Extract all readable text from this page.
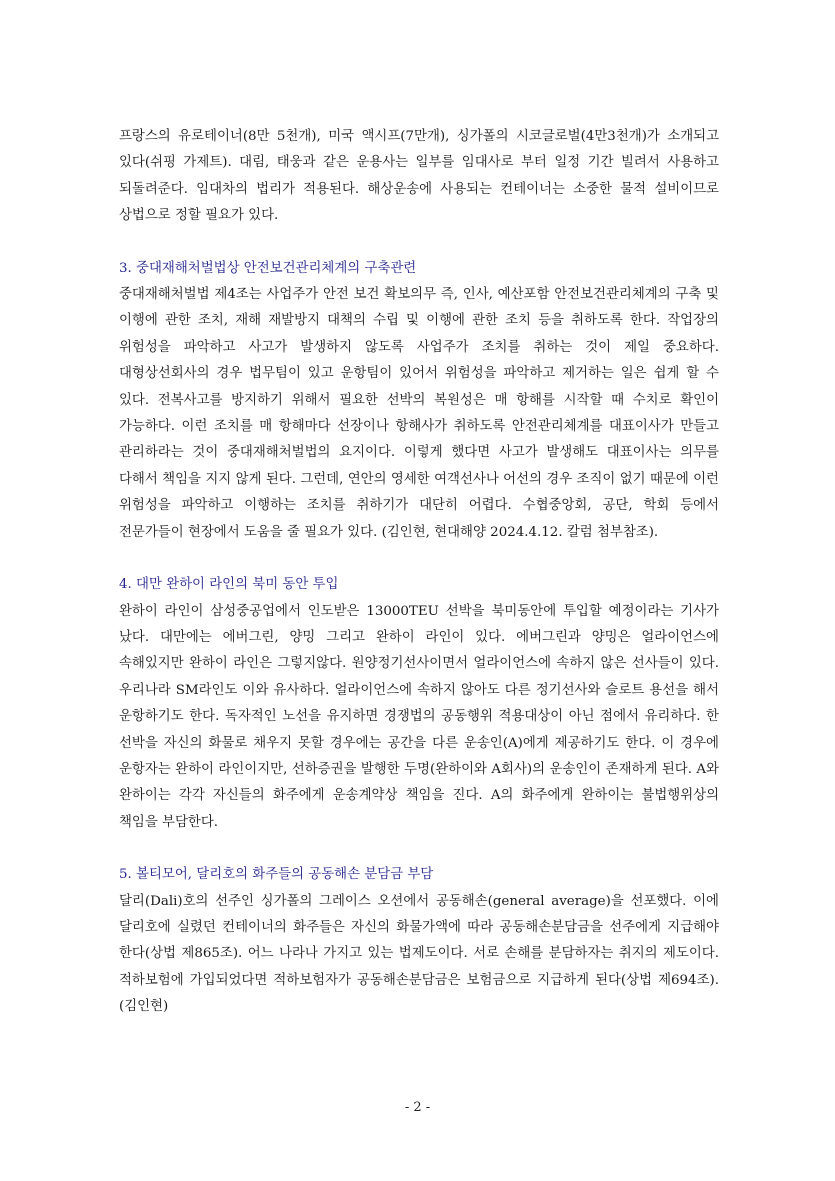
프랑스의 유로테이너(8만 5천개), 미국 액시프(7만개), 싱가폴의 시코글로벌(4만3천개)가 소개되고 있다(쉬핑 가제트). 대림, 태웅과 같은 운용사는 일부를 임대사로 부터 일정 기간 빌려서 사용하고 되돌려준다. 임대차의 법리가 적용된다. 해상운송에 사용되는 컨테이너는 소중한 물적 설비이므로 상법으로 정할 필요가 있다.

3. 중대재해처벌법상 안전보건관리체계의 구축관련

중대재해처벌법 제4조는 사업주가 안전 보건 확보의무 즉, 인사, 예산포함 안전보건관리체계의 구축 및 이행에 관한 조치, 재해 재발방지 대책의 수립 및 이행에 관한 조치 등을 취하도록 한다. 작업장의 위험성을 파악하고 사고가 발생하지 않도록 사업주가 조치를 취하는 것이 제일 중요하다. 대형상선회사의 경우 법무팀이 있고 운항팀이 있어서 위험성을 파악하고 제거하는 일은 쉽게 할 수 있다. 전복사고를 방지하기 위해서 필요한 선박의 복원성은 매 항해를 시작할 때 수치로 확인이 가능하다. 이런 조치를 매 항해마다 선장이나 항해사가 취하도록 안전관리체계를 대표이사가 만들고 관리하라는 것이 중대재해처벌법의 요지이다. 이렇게 했다면 사고가 발생해도 대표이사는 의무를 다해서 책임을 지지 않게 된다. 그런데, 연안의 영세한 여객선사나 어선의 경우 조직이 없기 때문에 이런 위험성을 파악하고 이행하는 조치를 취하기가 대단히 어렵다. 수협중앙회, 공단, 학회 등에서 전문가들이 현장에서 도움을 줄 필요가 있다. (김인현, 현대해양 2024.4.12. 칼럼 첨부참조).

4. 대만 완하이 라인의 북미 동안 투입

완하이 라인이 삼성중공업에서 인도받은 13000TEU 선박을 북미동안에 투입할 예정이라는 기사가 났다. 대만에는 에버그린, 양밍 그리고 완하이 라인이 있다. 에버그린과 양밍은 얼라이언스에 속해있지만 완하이 라인은 그렇지않다. 원양정기선사이면서 얼라이언스에 속하지 않은 선사들이 있다. 우리나라 SM라인도 이와 유사하다. 얼라이언스에 속하지 않아도 다른 정기선사와 슬로트 용선을 해서 운항하기도 한다. 독자적인 노선을 유지하면 경쟁법의 공동행위 적용대상이 아닌 점에서 유리하다. 한 선박을 자신의 화물로 채우지 못할 경우에는 공간을 다른 운송인(A)에게 제공하기도 한다. 이 경우에 운항자는 완하이 라인이지만, 선하증권을 발행한 두명(완하이와 A회사)의 운송인이 존재하게 된다. A와 완하이는 각각 자신들의 화주에게 운송계약상 책임을 진다. A의 화주에게 완하이는 불법행위상의 책임을 부담한다.

5. 볼티모어, 달리호의 화주들의 공동해손 분담금 부담

달리(Dali)호의 선주인 싱가폴의 그레이스 오션에서 공동해손(general average)을 선포했다. 이에 달리호에 실렸던 컨테이너의 화주들은 자신의 화물가액에 따라 공동해손분담금을 선주에게 지급해야 한다(상법 제865조). 어느 나라나 가지고 있는 법제도이다. 서로 손해를 분담하자는 취지의 제도이다. 적하보험에 가입되었다면 적하보험자가 공동해손분담금은 보험금으로 지급하게 된다(상법 제694조). (김인현)

- 2 -
